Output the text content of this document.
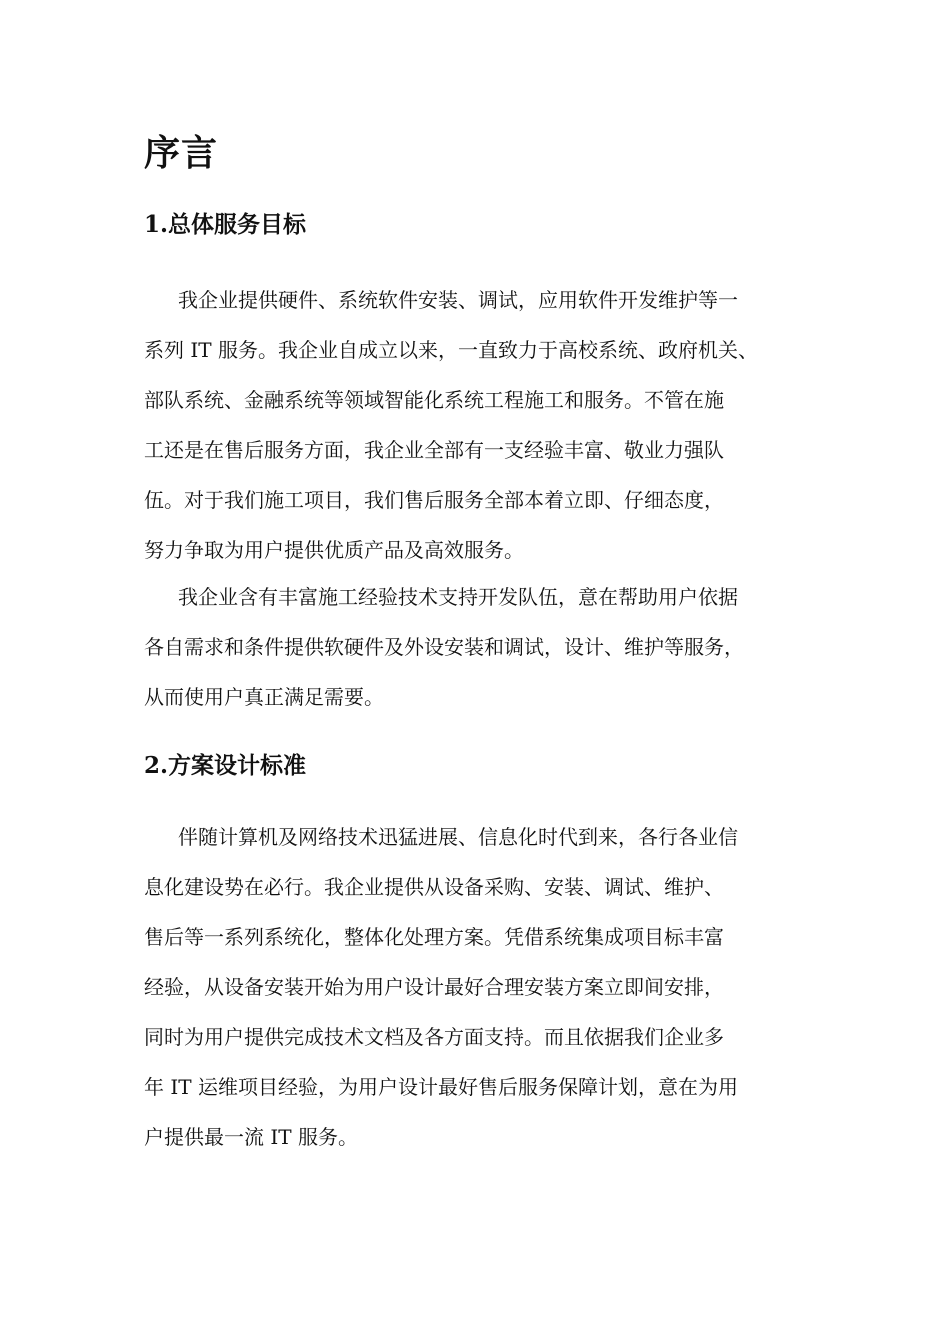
序言
1.总体服务目标

我企业提供硬件、系统软件安装、调试，应用软件开发维护等一
系列 IT 服务。我企业自成立以来，一直致力于高校系统、政府机关、
部队系统、金融系统等领域智能化系统工程施工和服务。不管在施
工还是在售后服务方面，我企业全部有一支经验丰富、敬业力强队
伍。对于我们施工项目，我们售后服务全部本着立即、仔细态度，
努力争取为用户提供优质产品及高效服务。

我企业含有丰富施工经验技术支持开发队伍，意在帮助用户依据
各自需求和条件提供软硬件及外设安装和调试，设计、维护等服务，
从而使用户真正满足需要。

2.方案设计标准

伴随计算机及网络技术迅猛进展、信息化时代到来，各行各业信
息化建设势在必行。我企业提供从设备采购、安装、调试、维护、
售后等一系列系统化，整体化处理方案。凭借系统集成项目标丰富
经验，从设备安装开始为用户设计最好合理安装方案立即间安排，
同时为用户提供完成技术文档及各方面支持。而且依据我们企业多
年 IT 运维项目经验，为用户设计最好售后服务保障计划，意在为用
户提供最一流 IT 服务。
